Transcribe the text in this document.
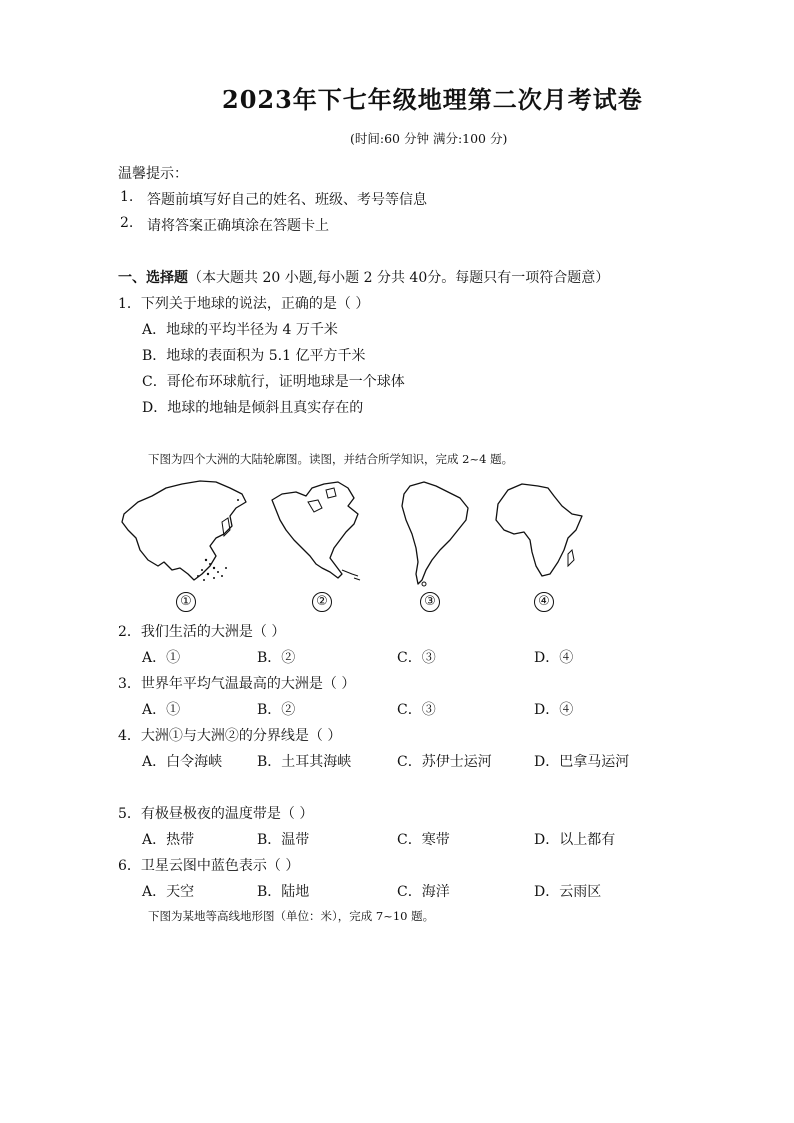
2023年下七年级地理第二次月考试卷
(时间:60 分钟 满分:100 分)
温馨提示：
1. 答题前填写好自己的姓名、班级、考号等信息
2. 请将答案正确填涂在答题卡上
一、选择题（本大题共 20 小题,每小题 2 分共 40分。每题只有一项符合题意）
1．下列关于地球的说法，正确的是（ ）
A．地球的平均半径为 4 万千米
B．地球的表面积为 5.1 亿平方千米
C．哥伦布环球航行，证明地球是一个球体
D．地球的地轴是倾斜且真实存在的
下图为四个大洲的大陆轮廓图。读图，并结合所学知识，完成 2~4 题。
①	②	③	④
2．我们生活的大洲是（ ）
A．①	B．②	C．③	D．④
3．世界年平均气温最高的大洲是（ ）
A．①	B．②	C．③	D．④
4．大洲①与大洲②的分界线是（ ）
A．白令海峡 B．土耳其海峡	C．苏伊士运河	D．巴拿马运河
5．有极昼极夜的温度带是（ ）
A．热带	B．温带	C．寒带	D．以上都有
6．卫星云图中蓝色表示（ ）
A．天空	B．陆地	C．海洋	D．云雨区
下图为某地等高线地形图（单位：米），完成 7~10 题。
